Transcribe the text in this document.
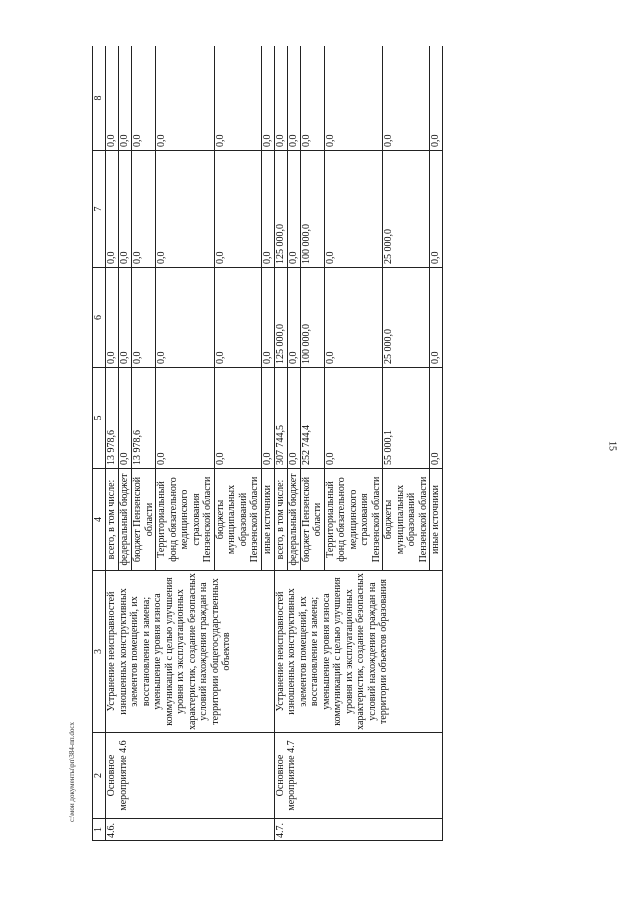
15
1	2	3	4	5	6	7	8
4.6.	Основное мероприятие 4.6	Устранение неисправностей изношенных конструктивных элементов помещений, их восстановление и замена; уменьшение уровня износа коммуникаций с целью улучшения уровня их эксплуатационных характеристик, создание безопасных условий нахождения граждан на территории общегосударственных объектов	всего, в том числе:	13 978,6	0,0	0,0	0,0
			федеральный бюджет	0,0	0,0	0,0	0,0
			бюджет Пензенской области	13 978,6	0,0	0,0	0,0
			Территориальный фонд обязательного медицинского страхования Пензенской области	0,0	0,0	0,0	0,0
			бюджеты муниципальных образований Пензенской области	0,0	0,0	0,0	0,0
			иные источники	0,0	0,0	0,0	0,0
4.7.	Основное мероприятие 4.7	Устранение неисправностей изношенных конструктивных элементов помещений, их восстановление и замена; уменьшение уровня износа коммуникаций с целью улучшения уровня их эксплуатационных характеристик, создание безопасных условий нахождения граждан на территории объектов образования	всего, в том числе:	307 744,5	125 000,0	125 000,0	0,0
			федеральный бюджет	0,0	0,0	0,0	0,0
			бюджет Пензенской области	252 744,4	100 000,0	100 000,0	0,0
			Территориальный фонд обязательного медицинского страхования Пензенской области	0,0	0,0	0,0	0,0
			бюджеты муниципальных образований Пензенской области	55 000,1	25 000,0	25 000,0	0,0
			иные источники	0,0	0,0	0,0	0,0
c:\мои документы\рп\384-пп.docx
